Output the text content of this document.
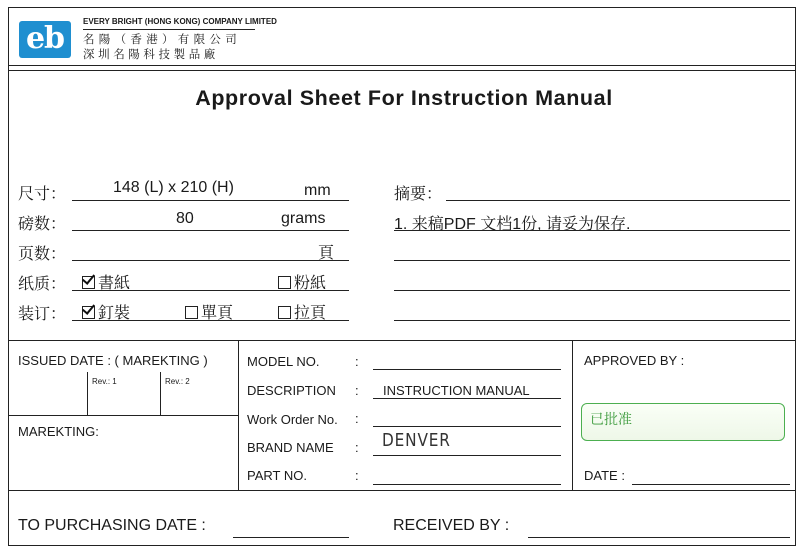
eb	EVERY BRIGHT (HONG KONG) COMPANY LIMITED
名陽（香港）有限公司
深圳名陽科技製品廠
Approval Sheet For Instruction Manual
尺寸：	148 (L) x 210 (H)	mm
磅数：	80	grams
页数：	頁
纸质：	書紙	粉紙
装订：	釘裝	單頁	拉頁
摘要：
1. 来稿PDF 文档1份, 请妥为保存.
ISSUED DATE : ( MAREKTING )
Rev.: 1	Rev.: 2
MAREKTING:
MODEL NO.	:
DESCRIPTION : INSTRUCTION MANUAL
Work Order No. :
BRAND NAME : DENVER
PART NO.	:
APPROVED BY :
已批准
DATE :
TO PURCHASING DATE :	RECEIVED BY :
